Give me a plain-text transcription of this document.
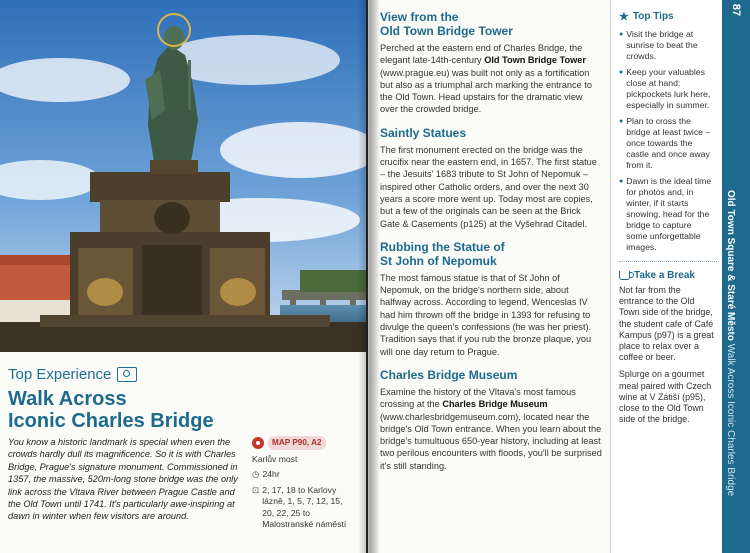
Top Experience
Walk Across
Iconic Charles Bridge
You know a historic landmark is special when even the crowds hardly dull its magnificence. So it is with Charles Bridge, Prague's signature monument. Commissioned in 1357, the massive, 520m-long stone bridge was the only link across the Vltava River between Prague Castle and the Old Town until 1741. It's particularly awe-inspiring at dawn in winter when few visitors are around.
MAP P90, A2
Karlův most
◷ 24hr
⊡ 2, 17, 18 to Karlovy lázně, 1, 5, 7, 12, 15, 20, 22, 25 to Malostranské náměstí
View from the
Old Town Bridge Tower

Perched at the eastern end of Charles Bridge, the elegant late-14th-century Old Town Bridge Tower (www.prague.eu) was built not only as a fortification but also as a triumphal arch marking the entrance to the Old Town. Head upstairs for the dramatic view over the crowded bridge.

Saintly Statues

The first monument erected on the bridge was the crucifix near the eastern end, in 1657. The first statue – the Jesuits' 1683 tribute to St John of Nepomuk – inspired other Catholic orders, and over the next 30 years a score more went up. Today most are copies, but a few of the originals can be seen at the Brick Gate & Casements (p125) at the Vyšehrad Citadel.

Rubbing the Statue of
St John of Nepomuk

The most famous statue is that of St John of Nepomuk, on the bridge's northern side, about halfway across. According to legend, Wenceslas IV had him thrown off the bridge in 1393 for refusing to divulge the queen's confessions (he was her priest). Tradition says that if you rub the bronze plaque, you will one day return to Prague.

Charles Bridge Museum

Examine the history of the Vltava's most famous crossing at the Charles Bridge Museum (www.charlesbridgemuseum.com), located near the bridge's Old Town entrance. When you learn about the bridge's tumultuous 650-year history, including at least two perilous encounters with floods, you'll be surprised it's still standing.

★ Top Tips
● Visit the bridge at sunrise to beat the crowds.
● Keep your valuables close at hand: pickpockets lurk here, especially in summer.
● Plan to cross the bridge at least twice – once towards the castle and once away from it.
● Dawn is the ideal time for photos and, in winter, if it starts snowing, head for the bridge to capture some unforgettable images.
Take a Break

Not far from the entrance to the Old Town side of the bridge, the student cafe of Café Kampus (p97) is a great place to relax over a coffee or beer.

Splurge on a gourmet meal paired with Czech wine at V Zátiší (p95), close to the Old Town side of the bridge.

87
Old Town Square & Staré Město Walk Across Iconic Charles Bridge
